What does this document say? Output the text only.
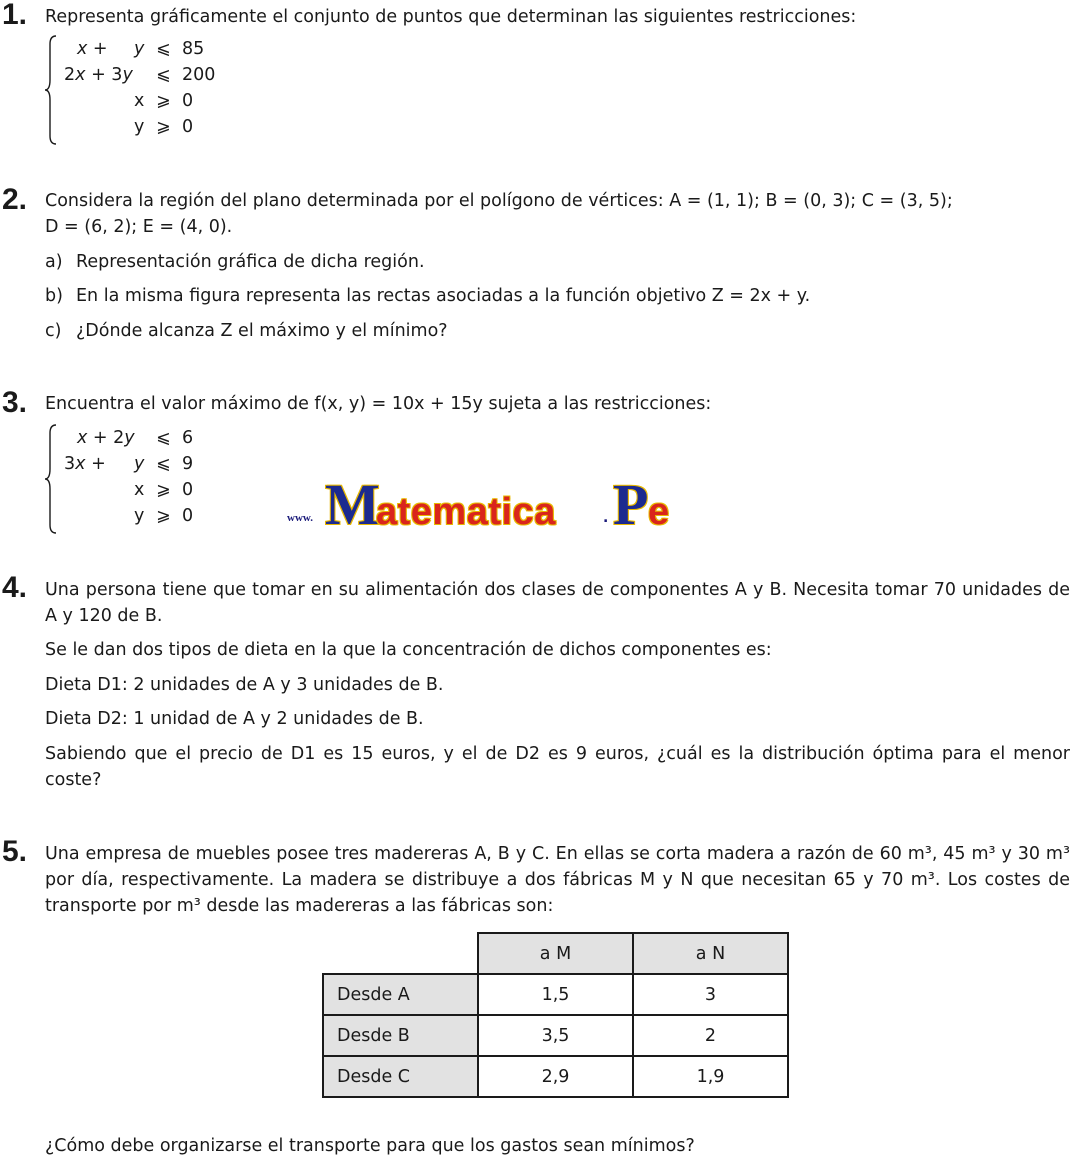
1. Representa gráficamente el conjunto de puntos que determinan las siguientes restricciones:
x + y ⩽ 85
2x + 3y ⩽ 200
x ⩾ 0
y ⩾ 0
2. Considera la región del plano determinada por el polígono de vértices: A = (1, 1); B = (0, 3); C = (3, 5);
D = (6, 2); E = (4, 0).
a) Representación gráfica de dicha región.
b) En la misma figura representa las rectas asociadas a la función objetivo Z = 2x + y.
c) ¿Dónde alcanza Z el máximo y el mínimo?
3. Encuentra el valor máximo de f(x, y) = 10x + 15y sujeta a las restricciones:
x + 2y ⩽ 6
3x + y ⩽ 9
x ⩾ 0
y ⩾ 0	www. M
atematica	. P e
4. Una persona tiene que tomar en su alimentación dos clases de componentes A y B. Necesita tomar 70 unidades de A y 120 de B.
Se le dan dos tipos de dieta en la que la concentración de dichos componentes es:
Dieta D1: 2 unidades de A y 3 unidades de B.
Dieta D2: 1 unidad de A y 2 unidades de B.
Sabiendo que el precio de D1 es 15 euros, y el de D2 es 9 euros, ¿cuál es la distribución óptima para el menor coste?
5. Una empresa de muebles posee tres madereras A, B y C. En ellas se corta madera a razón de 60 m³, 45 m³ y 30 m³ por día, respectivamente. La madera se distribuye a dos fábricas M y N que necesitan 65 y 70 m³. Los costes de transporte por m³ desde las madereras a las fábricas son:
	a M	a N
Desde A	1,5	3
Desde B	3,5	2
Desde C	2,9	1,9
¿Cómo debe organizarse el transporte para que los gastos sean mínimos?
